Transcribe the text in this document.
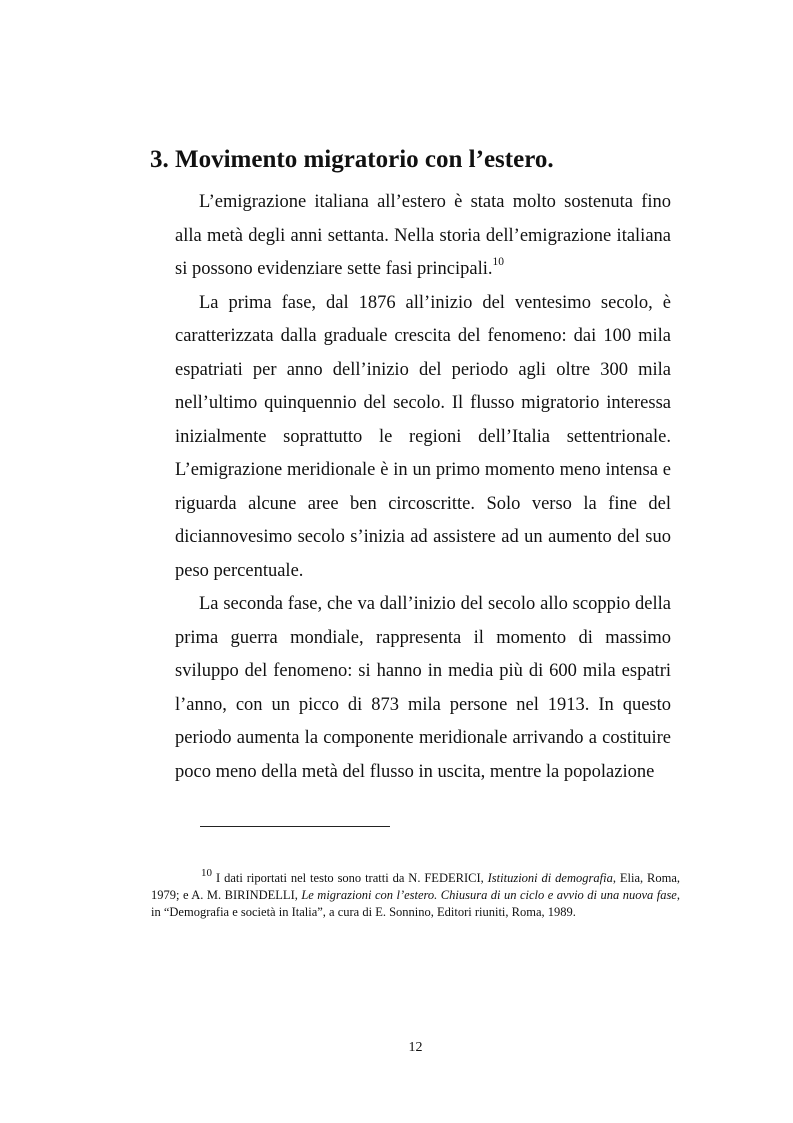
3. Movimento migratorio con l’estero.

L’emigrazione italiana all’estero è stata molto sostenuta fino alla metà degli anni settanta. Nella storia dell’emigrazione italiana si possono evidenziare sette fasi principali.$^{10}$

La prima fase, dal 1876 all’inizio del ventesimo secolo, è caratterizzata dalla graduale crescita del fenomeno: dai 100 mila espatriati per anno dell’inizio del periodo agli oltre 300 mila nell’ultimo quinquennio del secolo. Il flusso migratorio interessa inizialmente soprattutto le regioni dell’Italia settentrionale. L’emigrazione meridionale è in un primo momento meno intensa e riguarda alcune aree ben circoscritte. Solo verso la fine del diciannovesimo secolo s’inizia ad assistere ad un aumento del suo peso percentuale.

La seconda fase, che va dall’inizio del secolo allo scoppio della prima guerra mondiale, rappresenta il momento di massimo sviluppo del fenomeno: si hanno in media più di 600 mila espatri l’anno, con un picco di 873 mila persone nel 1913. In questo periodo aumenta la componente meridionale arrivando a costituire poco meno della metà del flusso in uscita, mentre la popolazione

$^{10}$ I dati riportati nel testo sono tratti da N. FEDERICI, Istituzioni di demografia, Elia, Roma, 1979; e A. M. BIRINDELLI, Le migrazioni con l’estero. Chiusura di un ciclo e avvio di una nuova fase, in “Demografia e società in Italia”, a cura di E. Sonnino, Editori riuniti, Roma, 1989.
12
